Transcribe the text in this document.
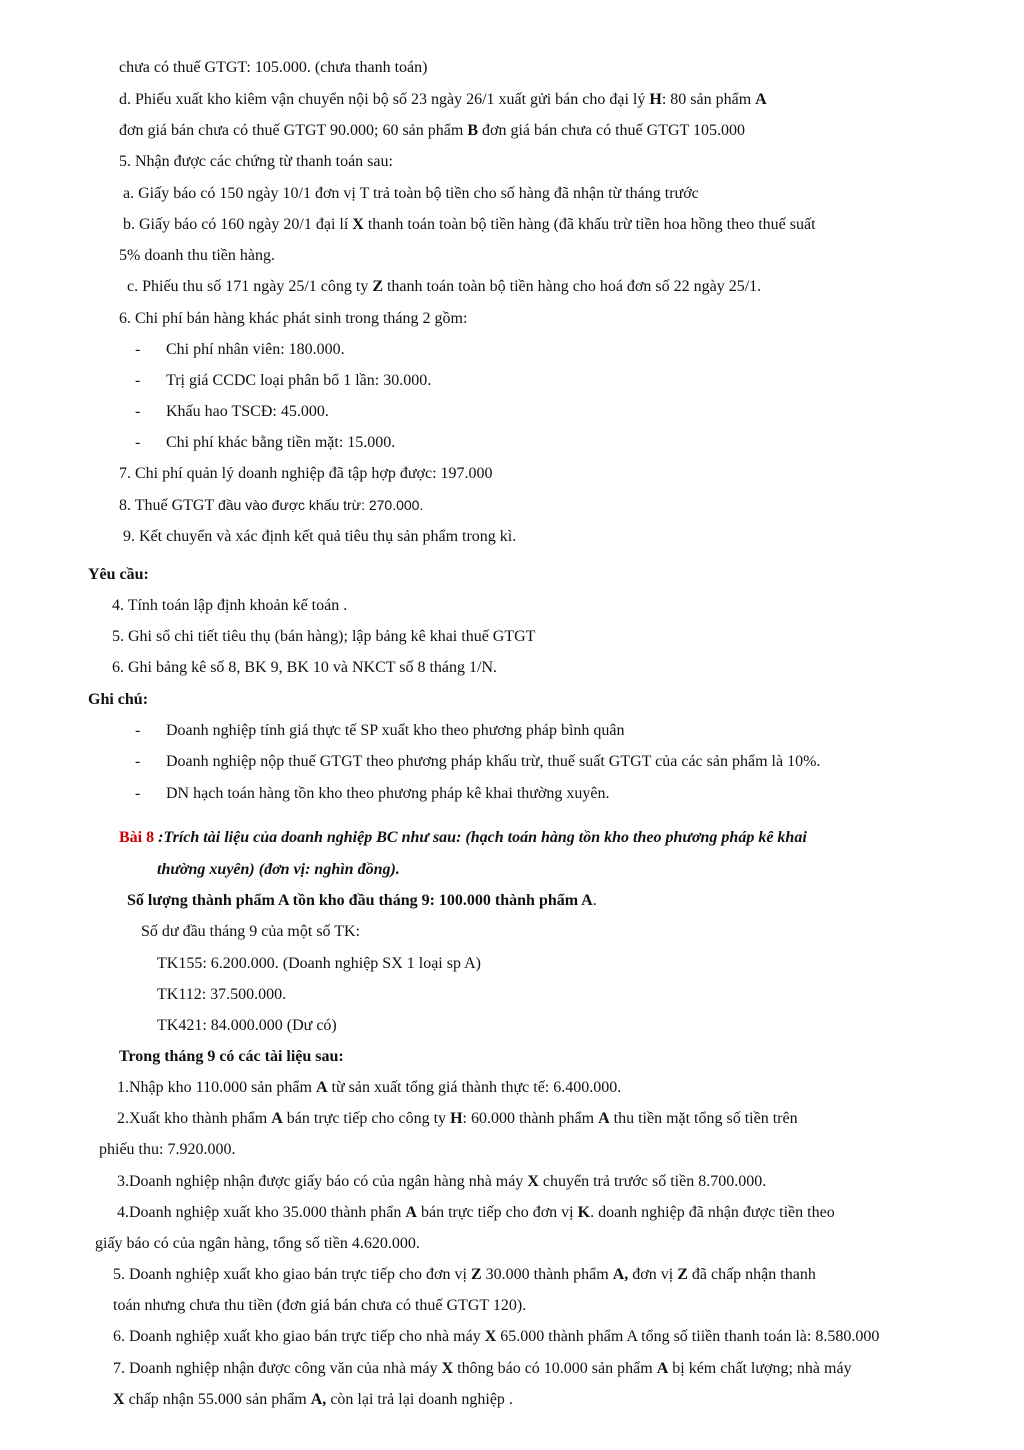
chưa có thuế GTGT: 105.000. (chưa thanh toán)
d. Phiếu xuất kho kiêm vận chuyển nội bộ số 23 ngày 26/1 xuất gửi bán cho đại lý H: 80 sản phẩm A
đơn giá bán chưa có thuế GTGT 90.000; 60 sản phẩm B đơn giá bán chưa có thuế GTGT 105.000
5. Nhận được các chứng từ thanh toán sau:
a. Giấy báo có 150 ngày 10/1 đơn vị T trả toàn bộ tiền cho số hàng đã nhận từ tháng trước
b. Giấy báo có 160 ngày 20/1 đại lí X thanh toán toàn bộ tiền hàng (đã khấu trừ tiền hoa hồng theo thuế suất
5% doanh thu tiền hàng.
c. Phiếu thu số 171 ngày 25/1 công ty Z thanh toán toàn bộ tiền hàng cho hoá đơn số 22 ngày 25/1.
6. Chi phí bán hàng khác phát sinh trong tháng 2 gồm:
- Chi phí nhân viên: 180.000.
- Trị giá CCDC loại phân bổ 1 lần: 30.000.
- Khấu hao TSCĐ: 45.000.
- Chi phí khác bằng tiền mặt: 15.000.
7. Chi phí quản lý doanh nghiệp đã tập hợp được: 197.000
8. Thuế GTGT đầu vào được khấu trừ: 270.000.
9. Kết chuyển và xác định kết quả tiêu thụ sản phẩm trong kì.
Yêu cầu:
4. Tính toán lập định khoản kế toán .
5. Ghi sổ chi tiết tiêu thụ (bán hàng); lập bảng kê khai thuế GTGT
6. Ghi bảng kê số 8, BK 9, BK 10 và NKCT số 8 tháng 1/N.
Ghi chú:
- Doanh nghiệp tính giá thực tế SP xuất kho theo phương pháp bình quân
- Doanh nghiệp nộp thuế GTGT theo phương pháp khấu trừ, thuế suất GTGT của các sản phẩm là 10%.
- DN hạch toán hàng tồn kho theo phương pháp kê khai thường xuyên.
Bài 8 :Trích tài liệu của doanh nghiệp BC như sau: (hạch toán hàng tồn kho theo phương pháp kê khai
thường xuyên) (đơn vị: nghìn đồng).
Số lượng thành phẩm A tồn kho đầu tháng 9: 100.000 thành phẩm A.
Số dư đầu tháng 9 của một số TK:
TK155: 6.200.000. (Doanh nghiệp SX 1 loại sp A)
TK112: 37.500.000.
TK421: 84.000.000 (Dư có)
Trong tháng 9 có các tài liệu sau:
1.Nhập kho 110.000 sản phẩm A từ sản xuất tổng giá thành thực tế: 6.400.000.
2.Xuất kho thành phẩm A bán trực tiếp cho công ty H: 60.000 thành phẩm A thu tiền mặt tổng số tiền trên
phiếu thu: 7.920.000.
3.Doanh nghiệp nhận được giấy báo có của ngân hàng nhà máy X chuyển trả trước số tiền 8.700.000.
4.Doanh nghiệp xuất kho 35.000 thành phẩn A bán trực tiếp cho đơn vị K. doanh nghiệp đã nhận được tiền theo
giấy báo có của ngân hàng, tổng số tiền 4.620.000.
5. Doanh nghiệp xuất kho giao bán trực tiếp cho đơn vị Z 30.000 thành phẩm A, đơn vị Z đã chấp nhận thanh
toán nhưng chưa thu tiền (đơn giá bán chưa có thuế GTGT 120).
6. Doanh nghiệp xuất kho giao bán trực tiếp cho nhà máy X 65.000 thành phẩm A tổng số tiiền thanh toán là: 8.580.000
7. Doanh nghiệp nhận được công văn của nhà máy X thông báo có 10.000 sản phẩm A bị kém chất lượng; nhà máy
X chấp nhận 55.000 sản phẩm A, còn lại trả lại doanh nghiệp .
